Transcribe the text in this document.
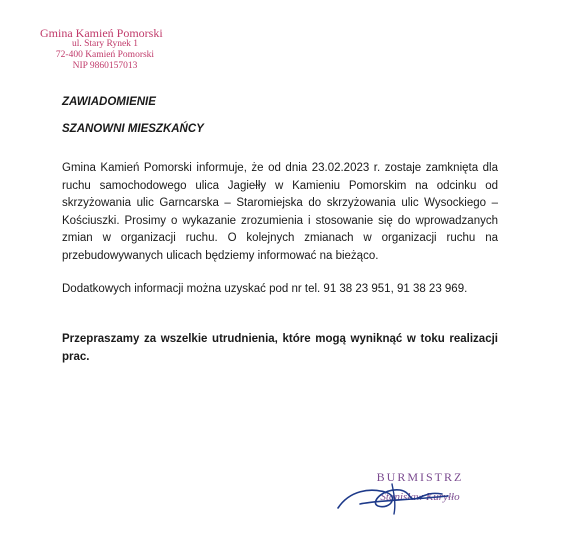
Gmina Kamień Pomorski
ul. Stary Rynek 1
72-400 Kamień Pomorski
NIP 9860157013
ZAWIADOMIENIE
SZANOWNI MIESZKAŃCY
Gmina Kamień Pomorski informuje, że od dnia 23.02.2023 r. zostaje zamknięta dla ruchu samochodowego ulica Jagiełły w Kamieniu Pomorskim na odcinku od skrzyżowania ulic Garncarska – Staromiejska do skrzyżowania ulic Wysockiego – Kościuszki. Prosimy o wykazanie zrozumienia i stosowanie się do wprowadzanych zmian w organizacji ruchu. O kolejnych zmianach w organizacji ruchu na przebudowywanych ulicach będziemy informować na bieżąco.
Dodatkowych informacji można uzyskać pod nr tel. 91 38 23 951, 91 38 23 969.
Przepraszamy za wszelkie utrudnienia, które mogą wyniknąć w toku realizacji prac.
BURMISTRZ
Stanisław Kuryłło
